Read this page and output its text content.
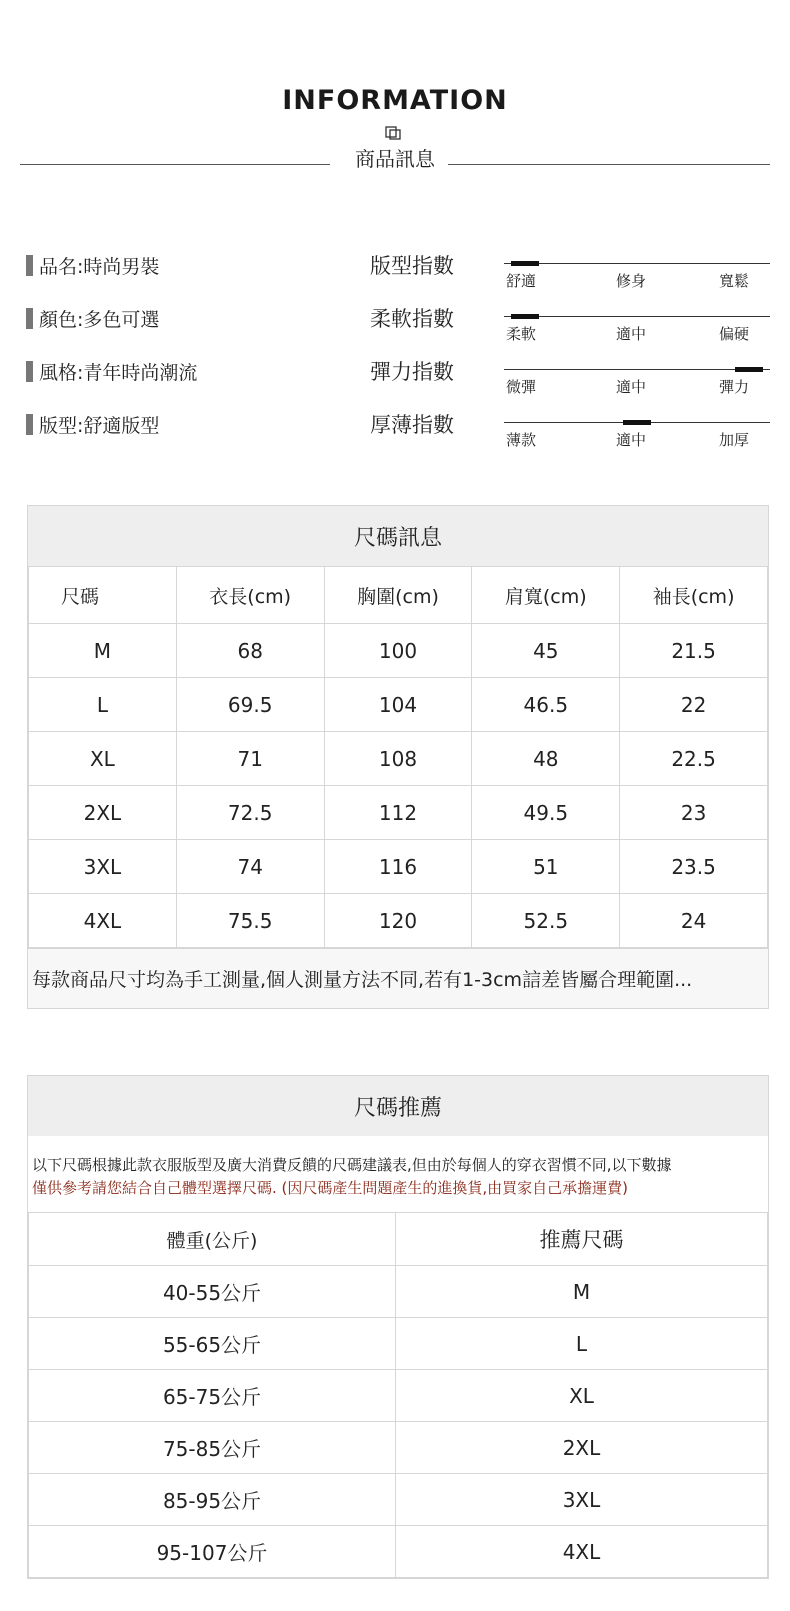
INFORMATION
商品訊息
品名:時尚男裝
顏色:多色可選
風格:青年時尚潮流
版型:舒適版型
版型指數
舒適	修身	寬鬆
柔軟指數
柔軟	適中	偏硬
彈力指數
微彈	適中	彈力
厚薄指數
薄款	適中	加厚
尺碼訊息
尺碼	衣長(cm)	胸圍(cm)	肩寬(cm)	袖長(cm)
M	68	100	45	21.5
L	69.5	104	46.5	22
XL	71	108	48	22.5
2XL	72.5	112	49.5	23
3XL	74	116	51	23.5
4XL	75.5	120	52.5	24
每款商品尺寸均為手工測量,個人測量方法不同,若有1-3cm誩差皆屬合理範圍...
尺碼推薦
以下尺碼根據此款衣服版型及廣大消費反饋的尺碼建議表,但由於每個人的穿衣習慣不同,以下數據
僅供參考請您結合自己體型選擇尺碼. (因尺碼產生問題產生的進換貨,由買家自己承擔運費)
體重(公斤)	推薦尺碼
40-55公斤	M
55-65公斤	L
65-75公斤	XL
75-85公斤	2XL
85-95公斤	3XL
95-107公斤	4XL
